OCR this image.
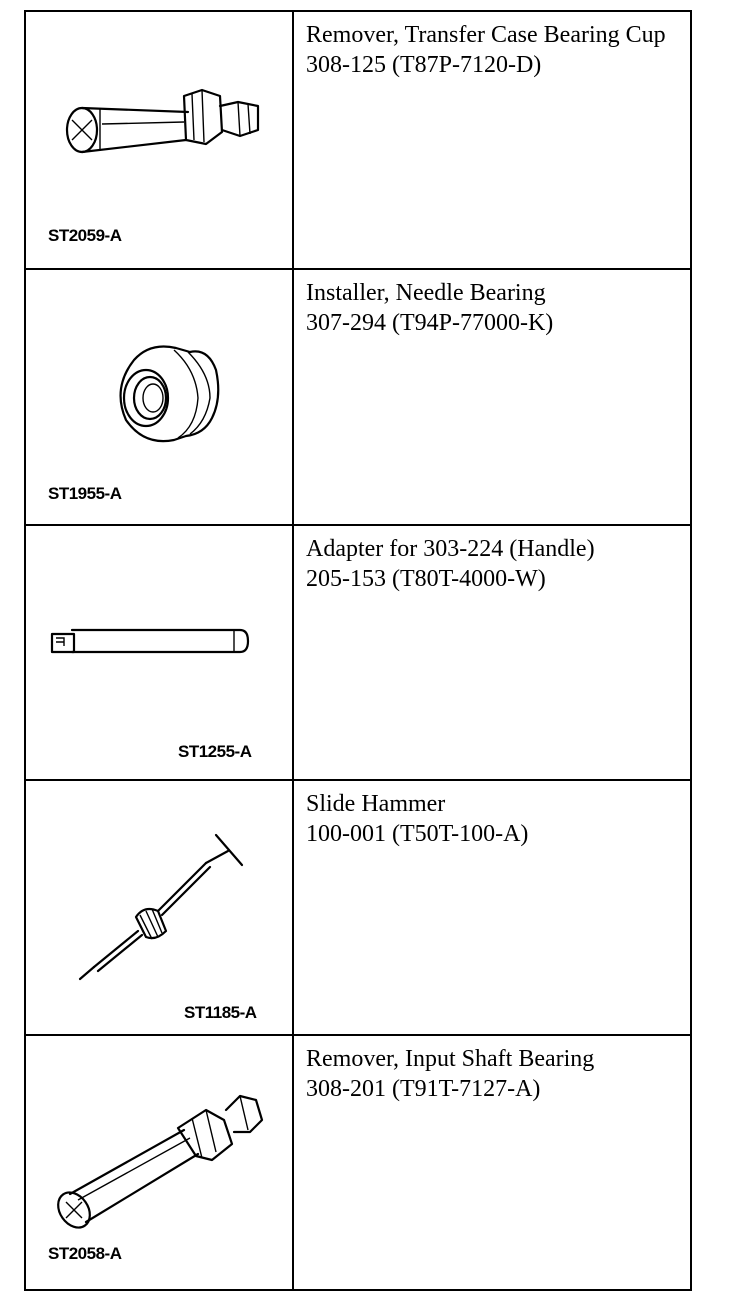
ST2059-A
Remover, Transfer Case Bearing Cup
308-125 (T87P-7120-D)
ST1955-A
Installer, Needle Bearing
307-294 (T94P-77000-K)
ST1255-A
Adapter for 303-224 (Handle)
205-153 (T80T-4000-W)
ST1185-A
Slide Hammer
100-001 (T50T-100-A)
ST2058-A
Remover, Input Shaft Bearing
308-201 (T91T-7127-A)
